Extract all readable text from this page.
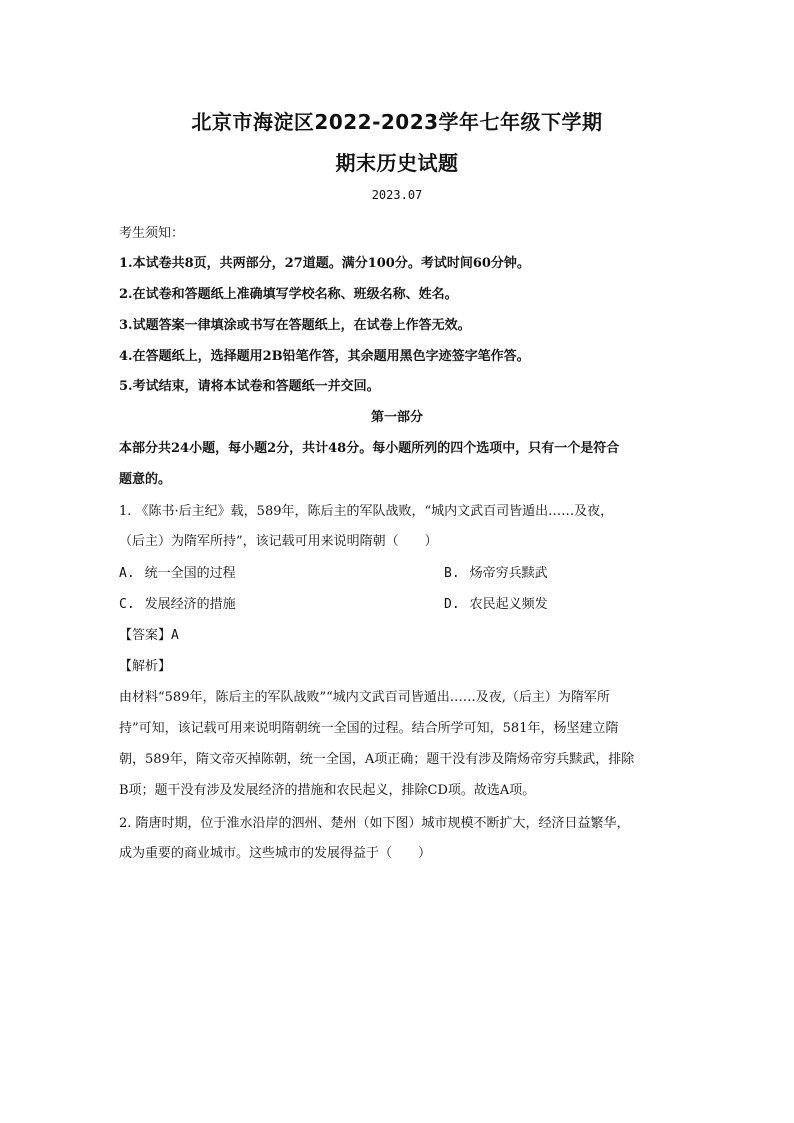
北京市海淀区2022-2023学年七年级下学期
期末历史试题
2023.07
考生须知：
1.本试卷共8页，共两部分，27道题。满分100分。考试时间60分钟。
2.在试卷和答题纸上准确填写学校名称、班级名称、姓名。
3.试题答案一律填涂或书写在答题纸上，在试卷上作答无效。
4.在答题纸上，选择题用2B铅笔作答，其余题用黑色字迹签字笔作答。
5.考试结束，请将本试卷和答题纸一并交回。
第一部分
本部分共24小题，每小题2分，共计48分。每小题所列的四个选项中，只有一个是符合
题意的。
1. 《陈书·后主纪》载，589年，陈后主的军队战败，“城内文武百司皆遁出……及夜，
（后主）为隋军所持”，该记载可用来说明隋朝（　　）
A. 统一全国的过程	B. 炀帝穷兵黩武
C. 发展经济的措施	D. 农民起义频发
【答案】A
【解析】
由材料“589年，陈后主的军队战败”“城内文武百司皆遁出……及夜,（后主）为隋军所
持”可知，该记载可用来说明隋朝统一全国的过程。结合所学可知，581年，杨坚建立隋
朝，589年，隋文帝灭掉陈朝，统一全国，A项正确；题干没有涉及隋炀帝穷兵黩武，排除
B项；题干没有涉及发展经济的措施和农民起义，排除CD项。故选A项。
2. 隋唐时期，位于淮水沿岸的泗州、楚州（如下图）城市规模不断扩大，经济日益繁华，
成为重要的商业城市。这些城市的发展得益于（　　）
